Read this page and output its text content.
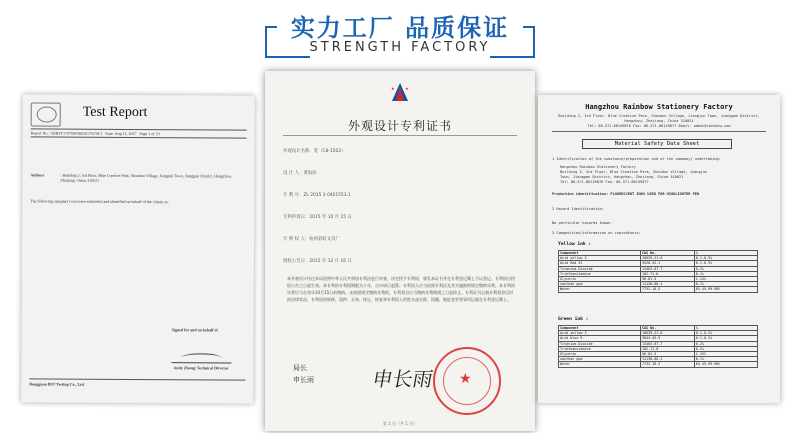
实力工厂 品质保证
STRENGTH FACTORY
Test Report
Report No.: SHBST170706036020170218-1 Date: Aug 11, 2017 Page 1 of 19
Address	: Building 2, 3rd Floor, Blue Creative Park, Shoudun Village, Jiangjun Town, Jianggan District, Hangzhou, Zhejiang, China 310021
The following sample(s) was/were submitted and identified on behalf of the clients as:
Signed for and on behalf of
Andy Zhong/ Technical Director
Dongguan BST Testing Co., Ltd.
★	★
外观设计专利证书
外观设计名称：笔（C8-1502）
设 计 人：黄海滨
专 利 号：ZL 2015 3 0401553.1
专利申请日：2015 年 10 月 15 日
专 利 权 人：杭州彩虹文具厂
授权公告日：2015 年 12 月 16 日
本外观设计经过本局依照中华人民共和国专利法进行审查，决定授予专利权，颁发本证书并在专利登记簿上予以登记。专利权自授权公告之日起生效。本专利的专利权期限为十年，自申请日起算。专利权人应当依照专利法及其实施细则规定缴纳年费。本专利的年费应当在每年10月15日前缴纳。未按照规定缴纳年费的，专利权自应当缴纳年费期满之日起终止。专利证书记载专利权登记时的法律状况。专利权的转移、质押、无效、终止、恢复和专利权人的姓名或名称、国籍、地址变更等事项记载在专利登记簿上。
局长
申长雨	申长雨 ★
第 1 页（共 1 页）
Hangzhou Rainbow Stationery Factory
Building 2, 3rd Floor, Blue Creative Park, Shoudun Village, Jiangjun Town, Jianggan District, Hangzhou, Zhejiang, China 310021
Tel: 86-571-86149876 Fax: 86-571-86149877 Email: admin@rainbow.com
Material Safety Data Sheet
1 Identification of the substance/preparation and of the company/ undertaking:
Hangzhou Rainbow Stationery Factory
Building 2, 3rd Floor, Blue Creative Park, Shoudun Village, Jiangjun
Town, Jianggan District, Hangzhou, Zhejiang, China 310021
Tel: 86-571-86149876 Fax: 86-571-86149877
Production identification: FLUORESCENT INKS USED FOR HIGHLIGHTER PEN
2 Hazard Identification:
No particular hazards known.
3 Composition/information on ingredients:
Yellow ink :
Component	CAS No.	%
Acid yellow 3	10039-21-0	0.1-0.3%
Acid Red 52	3520-42-1	0.1-0.3%
Titanium Dioxide	13463-67-7	0-2%
Triethanolamine	102-71-6	0-1%
Glycerin	56-81-5	1-15%
xanthan gum	11138-66-2	0-1%
Water	7732-18-5	65.45-99.98%
Green ink :
Component	CAS No.	%
Acid yellow 3	10039-21-0	0.1-0.2%
Acid blue 9	3844-45-9	0.1-0.2%
Titanium Dioxide	13463-67-7	0-2%
Triethanolamine	102-71-6	0-1%
Glycerin	56-81-5	1-15%
xanthan gum	11138-66-2	0-1%
Water	7732-18-5	65.45-99.98%
